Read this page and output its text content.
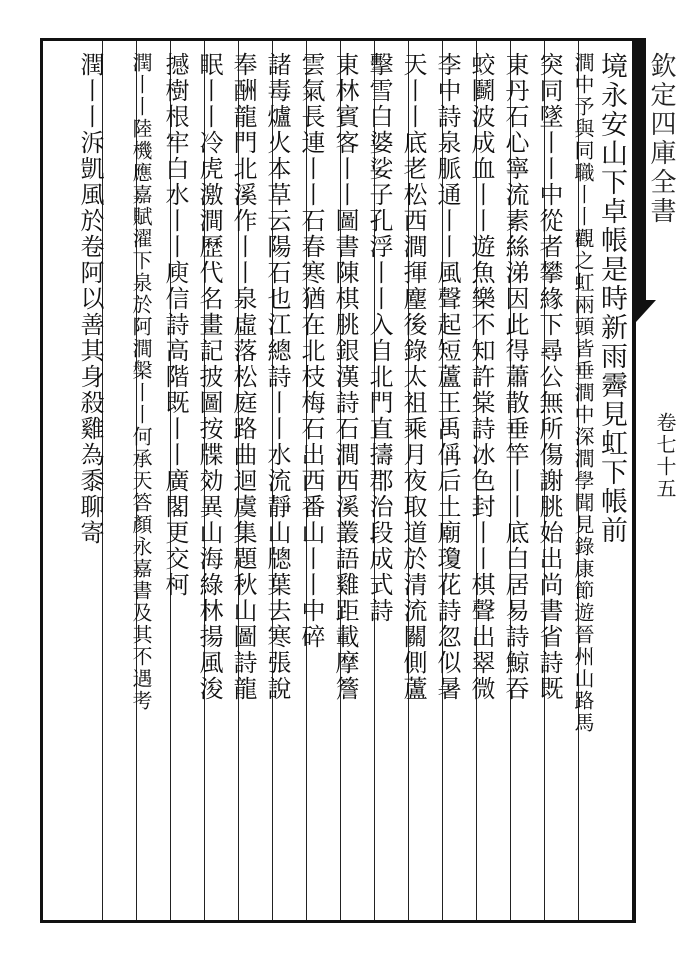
欽定四庫全書
卷七十五
境永安山下卓帳是時新雨霽見虹下帳前
澗中予與同職丨丨觀之虹兩頭皆垂澗中深澗學聞見錄康節遊晉州山路馬
突同墜丨丨中從者攀緣下尋公無所傷謝朓始出尚書省詩既
東丹石心寧流素絲涕因此得蕭散垂竿丨丨底白居易詩鯨吞
蛟鬬波成血丨丨遊魚樂不知許棠詩冰色封丨丨棋聲出翠微
李中詩泉脈通丨丨風聲起短蘆王禹偁后土廟瓊花詩忽似暑
天丨丨底老松西澗揮麈後錄太祖乘月夜取道於清流關側蘆
擊雪白婆娑子孔浮丨丨入自北門直擣郡治段成式詩
東林賓客丨丨圖書陳棋朓銀漢詩石澗西溪叢語雞距載摩簷
雲氣長連丨丨石春寒猶在北枝梅石出西番山丨丨中碎
諸毒爐火本草云陽石也江總詩丨丨水流靜山牕葉去寒張說
奉酬龍門北溪作丨丨泉虛落松庭路曲迴虞集題秋山圖詩龍
眠丨丨冷虎激澗歷代名畫記披圖按牒効異山海綠林揚風浚
撼樹根牢白水丨丨庾信詩高階既丨丨廣閣更交柯
潤丨丨陸機應嘉賦濯下泉於阿澗槃丨丨何承天答顏永嘉書及其不遇考
潤丨丨泝凱風於卷阿以善其身殺雞為黍聊寄
